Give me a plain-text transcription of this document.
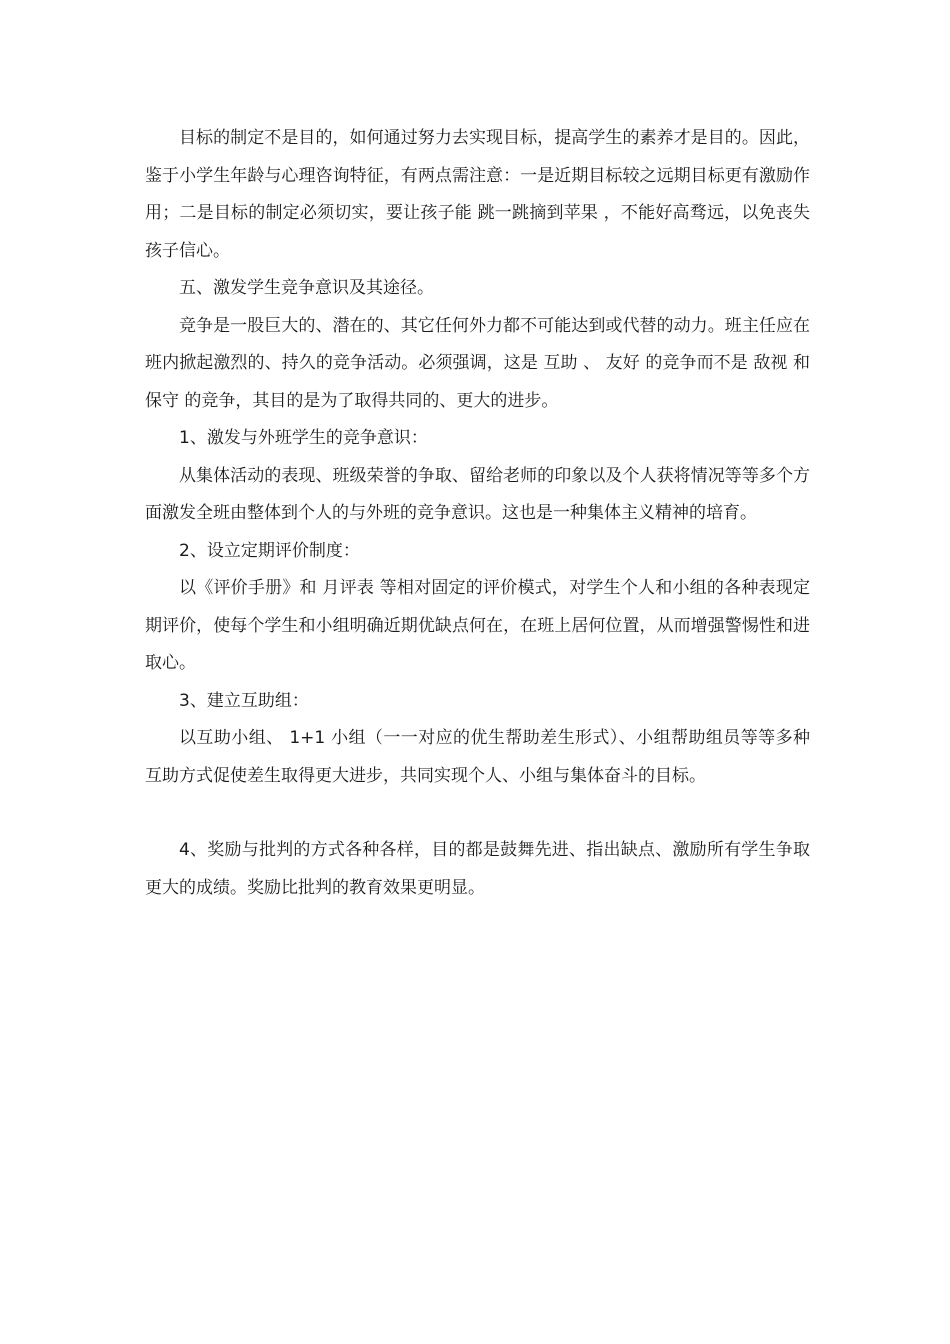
目标的制定不是目的，如何通过努力去实现目标，提高学生的素养才是目的。因此，鉴于小学生年龄与心理咨询特征，有两点需注意：一是近期目标较之远期目标更有激励作用；二是目标的制定必须切实，要让孩子能 跳一跳摘到苹果 ，不能好高骛远，以免丧失孩子信心。

五、激发学生竞争意识及其途径。

竞争是一股巨大的、潜在的、其它任何外力都不可能达到或代替的动力。班主任应在班内掀起激烈的、持久的竞争活动。必须强调，这是 互助 、 友好 的竞争而不是 敌视 和 保守 的竞争，其目的是为了取得共同的、更大的进步。

1、激发与外班学生的竞争意识：

从集体活动的表现、班级荣誉的争取、留给老师的印象以及个人获将情况等等多个方面激发全班由整体到个人的与外班的竞争意识。这也是一种集体主义精神的培育。

2、设立定期评价制度：

以《评价手册》和 月评表 等相对固定的评价模式，对学生个人和小组的各种表现定期评价，使每个学生和小组明确近期优缺点何在，在班上居何位置，从而增强警惕性和进取心。

3、建立互助组：

以互助小组、 1+1 小组（一一对应的优生帮助差生形式）、小组帮助组员等等多种互助方式促使差生取得更大进步，共同实现个人、小组与集体奋斗的目标。

4、奖励与批判的方式各种各样，目的都是鼓舞先进、指出缺点、激励所有学生争取更大的成绩。奖励比批判的教育效果更明显。
